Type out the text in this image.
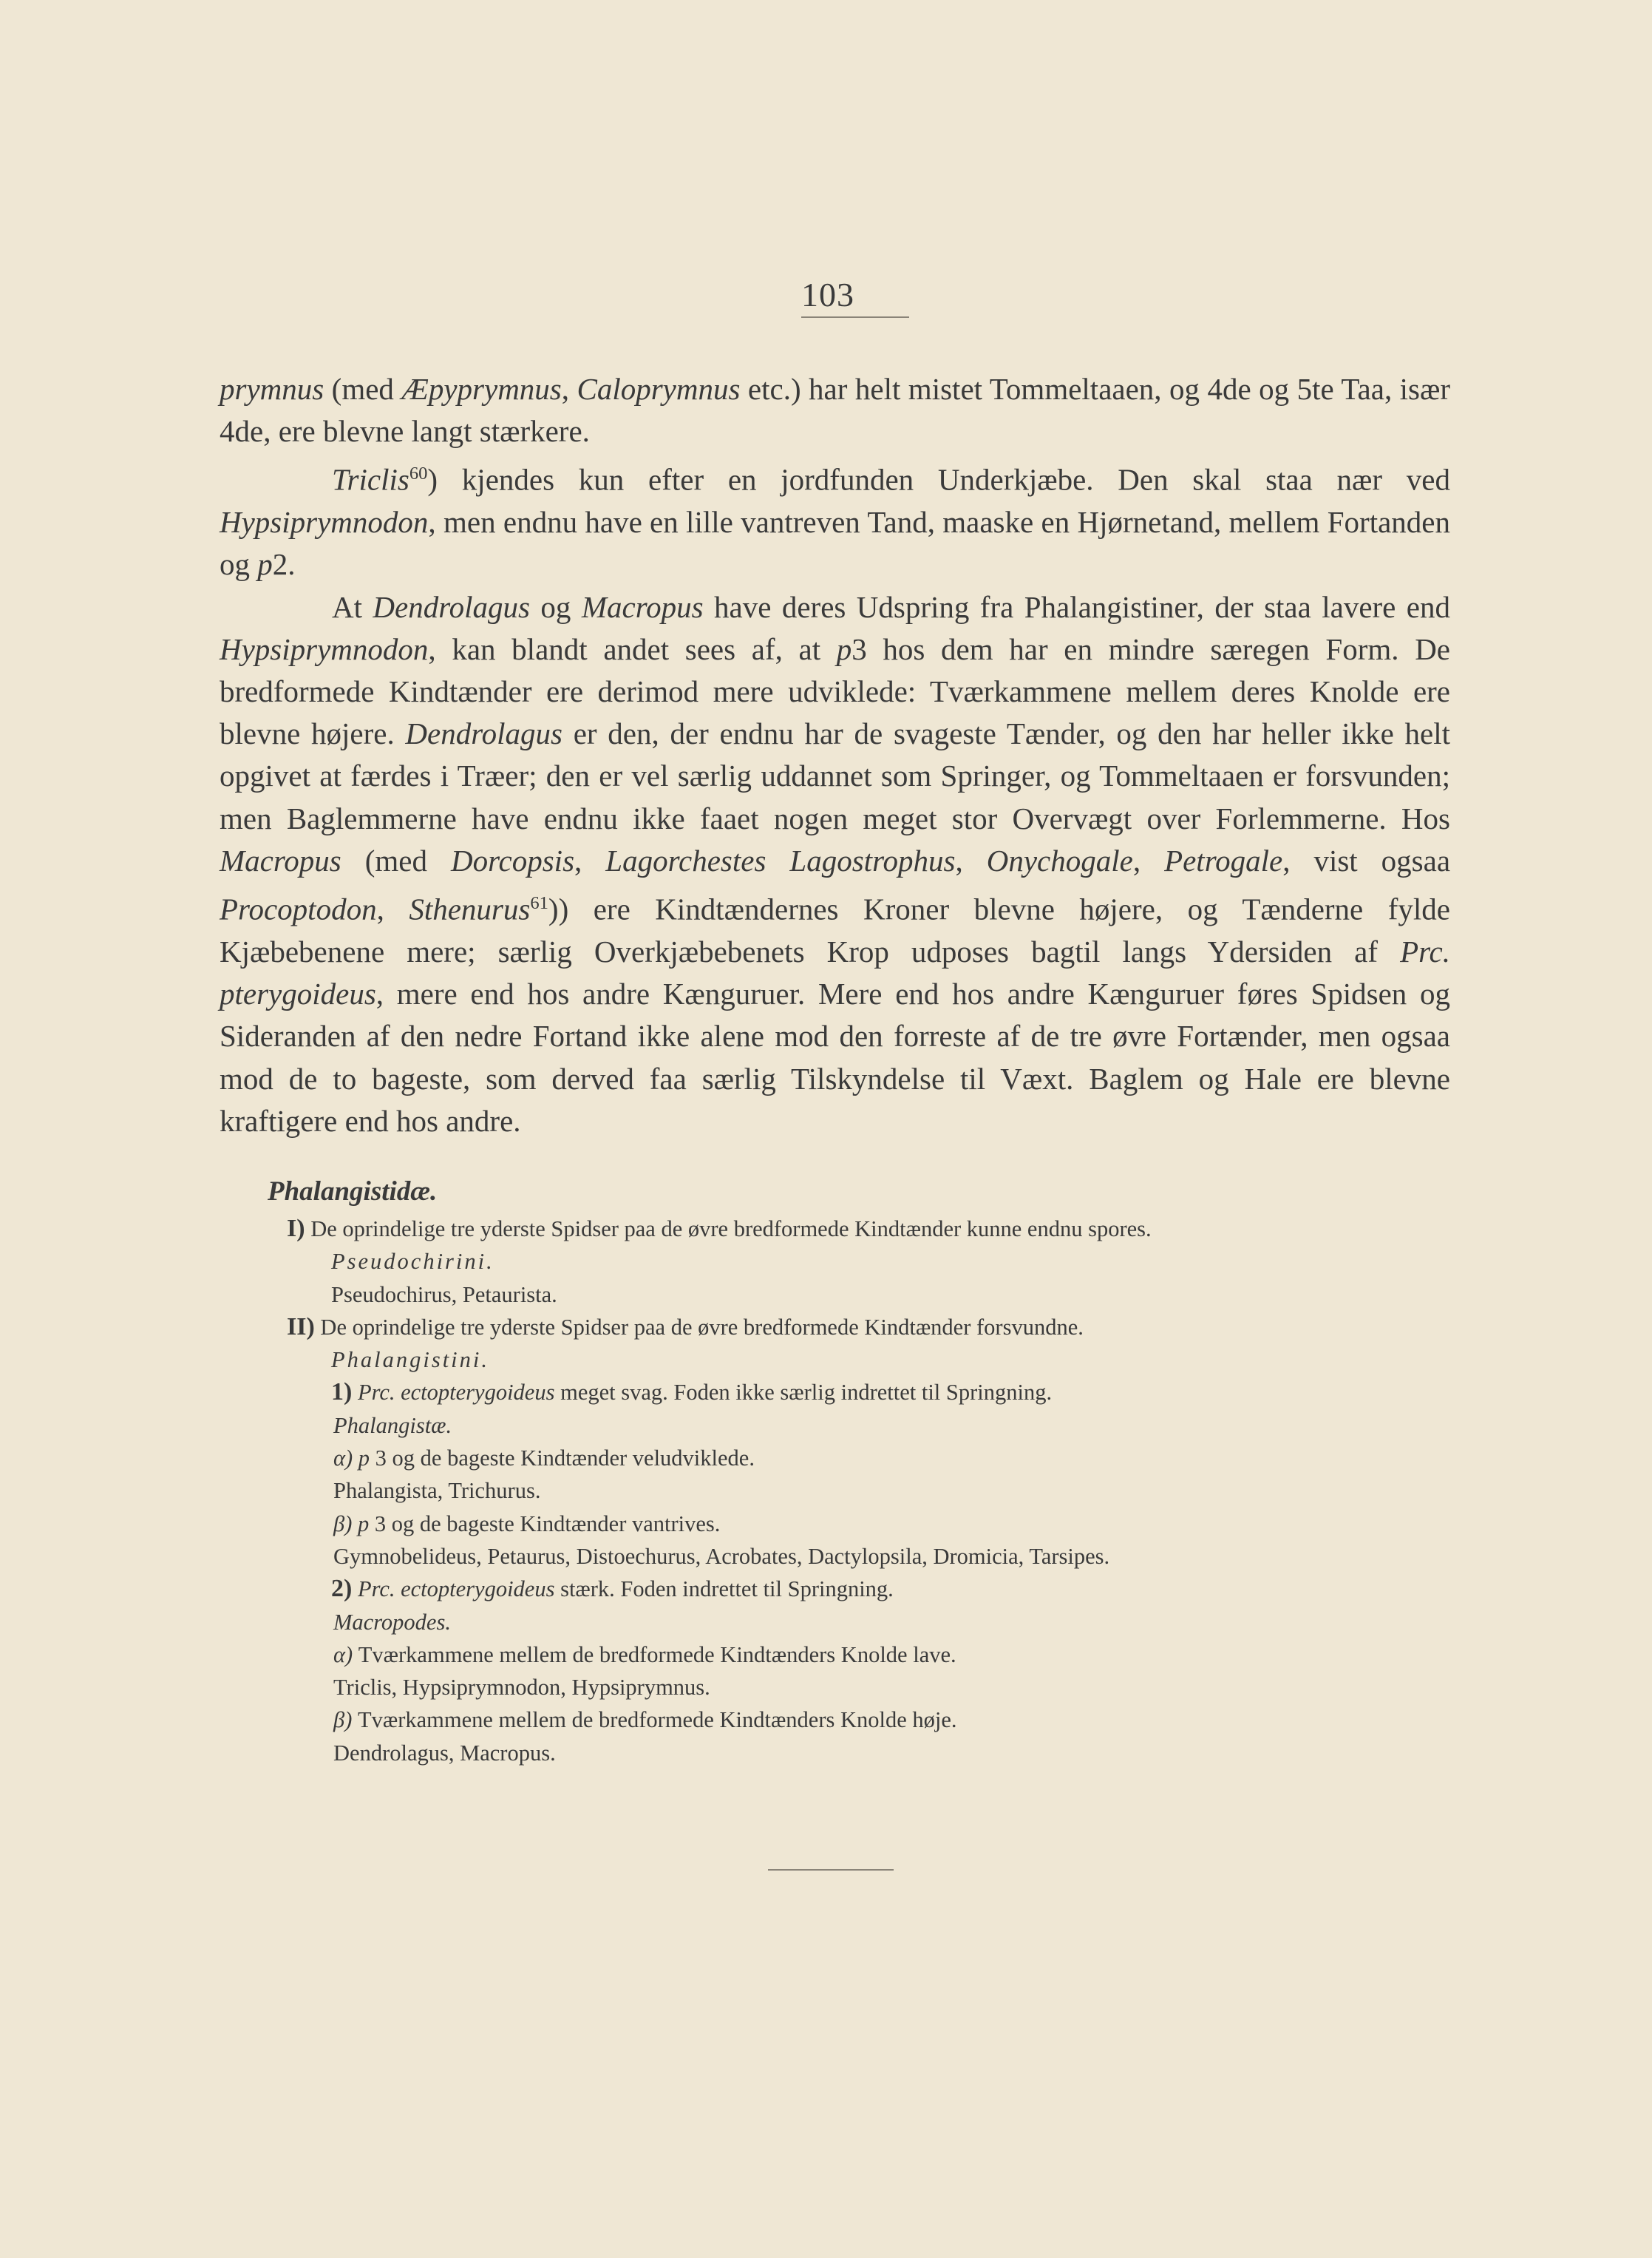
103

prymnus (med Æpyprymnus, Caloprymnus etc.) har helt mistet Tommeltaaen, og 4de og 5te Taa, især 4de, ere blevne langt stærkere.

Triclis$^{60}$) kjendes kun efter en jordfunden Underkjæbe. Den skal staa nær ved Hypsiprymnodon, men endnu have en lille vantreven Tand, maaske en Hjørnetand, mellem Fortanden og p2.

At Dendrolagus og Macropus have deres Udspring fra Phalangistiner, der staa lavere end Hypsiprymnodon, kan blandt andet sees af, at p3 hos dem har en mindre særegen Form. De bredformede Kindtænder ere derimod mere udviklede: Tværkammene mellem deres Knolde ere blevne højere. Dendrolagus er den, der endnu har de svageste Tænder, og den har heller ikke helt opgivet at færdes i Træer; den er vel særlig uddannet som Springer, og Tommeltaaen er forsvunden; men Baglemmerne have endnu ikke faaet nogen meget stor Overvægt over Forlemmerne. Hos Macropus (med Dorcopsis, Lagorchestes Lagostrophus, Onychogale, Petrogale, vist ogsaa Procoptodon, Sthenurus$^{61}$)) ere Kindtændernes Kroner blevne højere, og Tænderne fylde Kjæbebenene mere; særlig Overkjæbebenets Krop udposes bagtil langs Ydersiden af Prc. pterygoideus, mere end hos andre Kænguruer. Mere end hos andre Kænguruer føres Spidsen og Sideranden af den nedre Fortand ikke alene mod den forreste af de tre øvre Fortænder, men ogsaa mod de to bageste, som derved faa særlig Tilskyndelse til Væxt. Baglem og Hale ere blevne kraftigere end hos andre.

Phalangistidæ.
I) De oprindelige tre yderste Spidser paa de øvre bredformede Kindtænder kunne endnu spores.
Pseudochirini.
Pseudochirus, Petaurista.
II) De oprindelige tre yderste Spidser paa de øvre bredformede Kindtænder forsvundne.
Phalangistini.
1) Prc. ectopterygoideus meget svag. Foden ikke særlig indrettet til Springning.
Phalangistæ.
α) p 3 og de bageste Kindtænder veludviklede.
Phalangista, Trichurus.
β) p 3 og de bageste Kindtænder vantrives.
Gymnobelideus, Petaurus, Distoechurus, Acrobates, Dactylopsila, Dromicia, Tarsipes.
2) Prc. ectopterygoideus stærk. Foden indrettet til Springning.
Macropodes.
α) Tværkammene mellem de bredformede Kindtænders Knolde lave.
Triclis, Hypsiprymnodon, Hypsiprymnus.
β) Tværkammene mellem de bredformede Kindtænders Knolde høje.
Dendrolagus, Macropus.
